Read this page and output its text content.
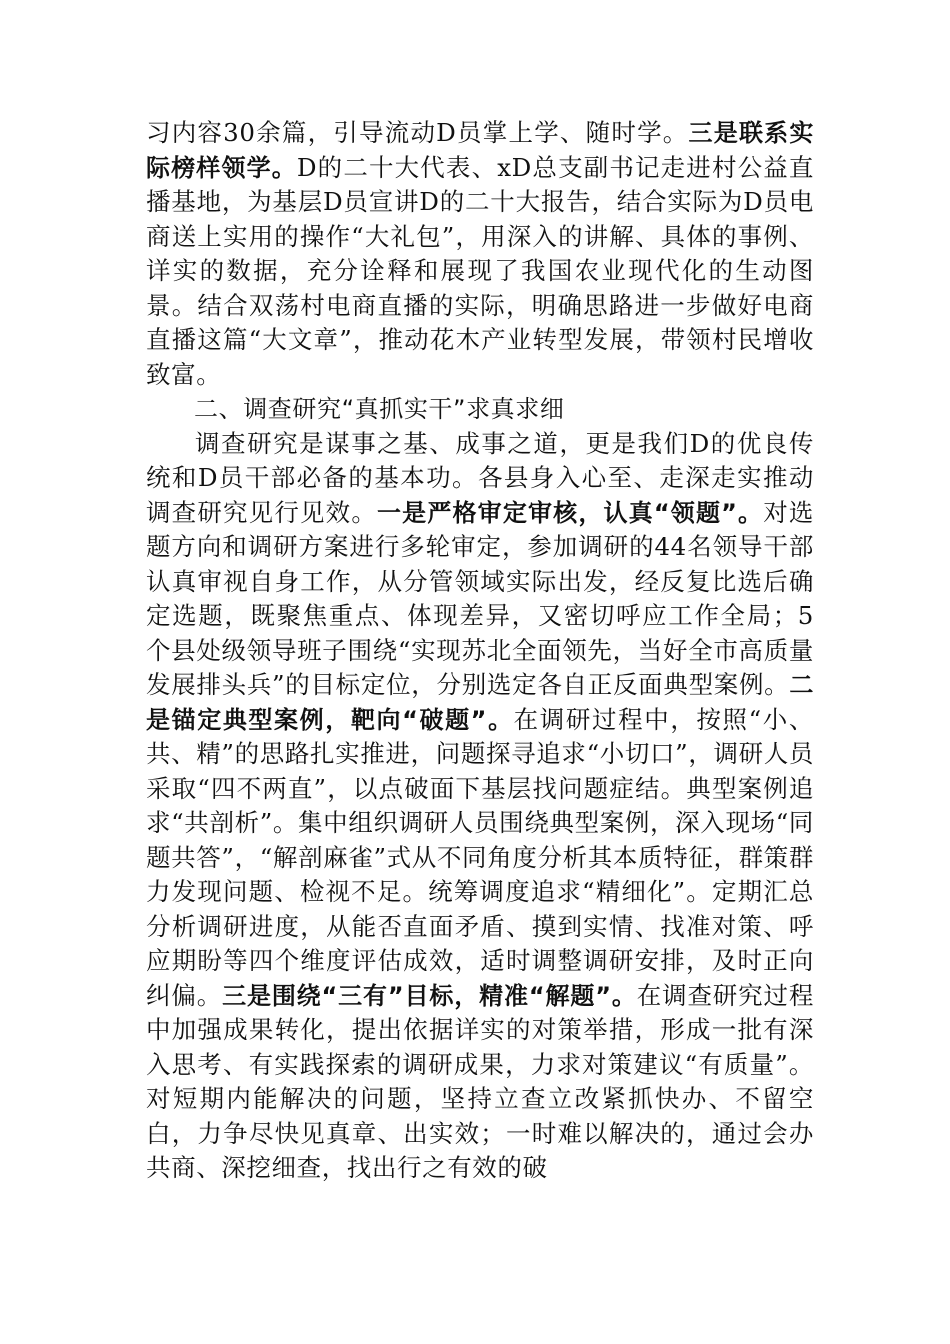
习内容30余篇，引导流动D员掌上学、随时学。三是联系实际榜样领学。D的二十大代表、xD总支副书记走进村公益直播基地，为基层D员宣讲D的二十大报告，结合实际为D员电商送上实用的操作“大礼包”，用深入的讲解、具体的事例、详实的数据，充分诠释和展现了我国农业现代化的生动图景。结合双荡村电商直播的实际，明确思路进一步做好电商直播这篇“大文章”，推动花木产业转型发展，带领村民增收致富。

二、调查研究“真抓实干”求真求细

调查研究是谋事之基、成事之道，更是我们D的优良传统和D员干部必备的基本功。各县身入心至、走深走实推动调查研究见行见效。一是严格审定审核，认真“领题”。对选题方向和调研方案进行多轮审定，参加调研的44名领导干部认真审视自身工作，从分管领域实际出发，经反复比选后确定选题，既聚焦重点、体现差异，又密切呼应工作全局；5个县处级领导班子围绕“实现苏北全面领先，当好全市高质量发展排头兵”的目标定位，分别选定各自正反面典型案例。二是锚定典型案例，靶向“破题”。在调研过程中，按照“小、共、精”的思路扎实推进，问题探寻追求“小切口”，调研人员采取“四不两直”，以点破面下基层找问题症结。典型案例追求“共剖析”。集中组织调研人员围绕典型案例，深入现场“同题共答”，“解剖麻雀”式从不同角度分析其本质特征，群策群力发现问题、检视不足。统筹调度追求“精细化”。定期汇总分析调研进度，从能否直面矛盾、摸到实情、找准对策、呼应期盼等四个维度评估成效，适时调整调研安排，及时正向纠偏。三是围绕“三有”目标，精准“解题”。在调查研究过程中加强成果转化，提出依据详实的对策举措，形成一批有深入思考、有实践探索的调研成果，力求对策建议“有质量”。对短期内能解决的问题，坚持立查立改紧抓快办、不留空白，力争尽快见真章、出实效；一时难以解决的，通过会办共商、深挖细查，找出行之有效的破
